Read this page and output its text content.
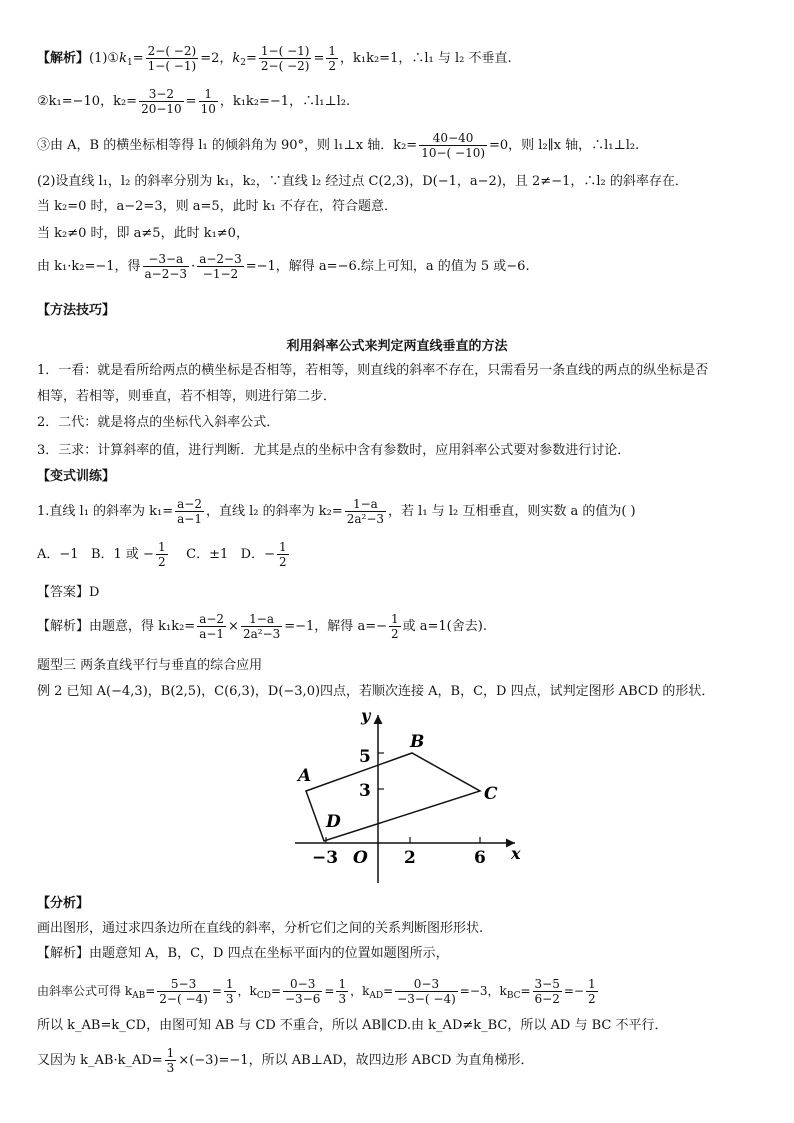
【解析】$(1)①k_1= \frac{2-( -2)}{1-( -1)} =2$，$k_2= \frac{1-( -1)}{2-( -2)} = \frac{1}{2}$ ，k₁k₂=1，∴l₁ 与 l₂ 不垂直.
②k₁=−10，$k_2= \frac{3-2}{20-10} = \frac{1}{10}$ ，k₁k₂=−1，∴l₁⊥l₂.
③由 A，B 的横坐标相等得 l₁ 的倾斜角为 90°，则 l₁⊥x 轴．$k_2= \frac{40-40}{10-( -10)} =0$，则 l₂∥x 轴，∴l₁⊥l₂.
(2)设直线 l₁，l₂ 的斜率分别为 k₁，k₂，∵直线 l₂ 经过点 C(2,3)，D(−1，a−2)，且 2≠−1，∴l₂ 的斜率存在．
当 k₂=0 时，a−2=3，则 a=5，此时 k₁ 不存在，符合题意．
当 k₂≠0 时，即 a≠5，此时 k₁≠0，
由 k₁·k₂=−1，得 $\frac{-3-a}{a-2-3} \cdot \frac{a-2-3}{-1-2} =-1$，解得 a=−6.综上可知，a 的值为 5 或−6.
【方法技巧】
利用斜率公式来判定两直线垂直的方法
1．一看：就是看所给两点的横坐标是否相等，若相等，则直线的斜率不存在，只需看另一条直线的两点的纵坐标是否
相等，若相等，则垂直，若不相等，则进行第二步．
2．二代：就是将点的坐标代入斜率公式．
3．三求：计算斜率的值，进行判断．尤其是点的坐标中含有参数时，应用斜率公式要对参数进行讨论．
【变式训练】
1.直线 l₁ 的斜率为 $k_1= \frac{a-2}{a-1}$ ，直线 l₂ 的斜率为 $k_2= \frac{1-a}{\text{2a²−3}}$ ，若 l₁ 与 l₂ 互相垂直，则实数 a 的值为( )
A．−1 B．1 或 − $\frac{1}{2}$ C．±1 D．− $\frac{1}{2}$
【答案】D
【解析】由题意，得 $k_1k_2= \frac{a-2}{a-1} \times \frac{1-a}{\text{2a²−3}} =-1$，解得 $a=- \frac{1}{2}$ 或 a=1(舍去).
题型三 两条直线平行与垂直的综合应用
例 2 已知 A(−4,3)，B(2,5)，C(6,3)，D(−3,0)四点，若顺次连接 A，B，C，D 四点，试判定图形 ABCD 的形状．
y
x
O
A
B
C
D
5
3
−3	2	6
【分析】
画出图形，通过求四条边所在直线的斜率，分析它们之间的关系判断图形形状.
【解析】由题意知 A，B，C，D 四点在坐标平面内的位置如题图所示，
由斜率公式可得 $k_{AB}= \frac{5-3}{2-( -4)} = \frac{1}{3}$ ，$k_{CD}= \frac{0-3}{-3-6} = \frac{1}{3}$ ，$k_{AD}= \frac{0-3}{-3-( -4)} =-3$，$k_{BC}= \frac{3-5}{6-2} =- \frac{1}{2}$
所以 k_AB=k_CD，由图可知 AB 与 CD 不重合，所以 AB∥CD.由 k_AD≠k_BC，所以 AD 与 BC 不平行．
又因为 k_AB·k_AD= $\frac{1}{3} \times(-3)=-1$，所以 AB⊥AD，故四边形 ABCD 为直角梯形．
